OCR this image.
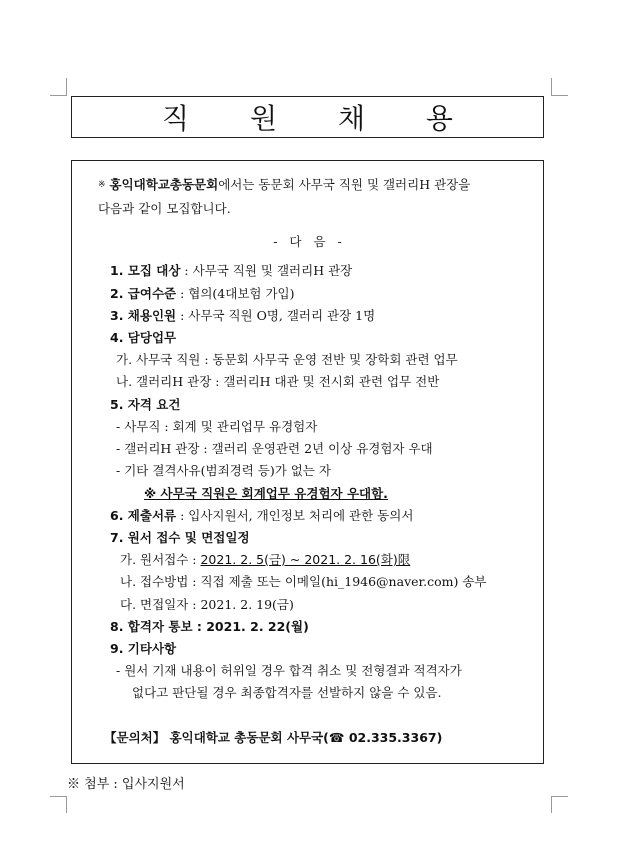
직 원 채 용
※ 홍익대학교총동문회에서는 동문회 사무국 직원 및 갤러리H 관장을
다음과 같이 모집합니다.
- 다 음 -
1. 모집 대상 : 사무국 직원 및 갤러리H 관장
2. 급여수준 : 협의(4대보험 가입)
3. 채용인원 : 사무국 직원 O명, 갤러리 관장 1명
4. 담당업무
가. 사무국 직원 : 동문회 사무국 운영 전반 및 장학회 관련 업무
나. 갤러리H 관장 : 갤러리H 대관 및 전시회 관련 업무 전반
5. 자격 요건
- 사무직 : 회계 및 관리업무 유경험자
- 갤러리H 관장 : 갤러리 운영관련 2년 이상 유경험자 우대
- 기타 결격사유(범죄경력 등)가 없는 자
※ 사무국 직원은 회계업무 유경험자 우대함.
6. 제출서류 : 입사지원서, 개인정보 처리에 관한 동의서
7. 원서 접수 및 면접일정
가. 원서접수 : 2021. 2. 5(금) ~ 2021. 2. 16(화)限
나. 접수방법 : 직접 제출 또는 이메일(hi_1946@naver.com) 송부
다. 면접일자 : 2021. 2. 19(금)
8. 합격자 통보 : 2021. 2. 22(월)
9. 기타사항
- 원서 기재 내용이 허위일 경우 합격 취소 및 전형결과 적격자가
없다고 판단될 경우 최종합격자를 선발하지 않을 수 있음.
【문의처】 홍익대학교 총동문회 사무국(☎ 02.335.3367)
※ 첨부 : 입사지원서
